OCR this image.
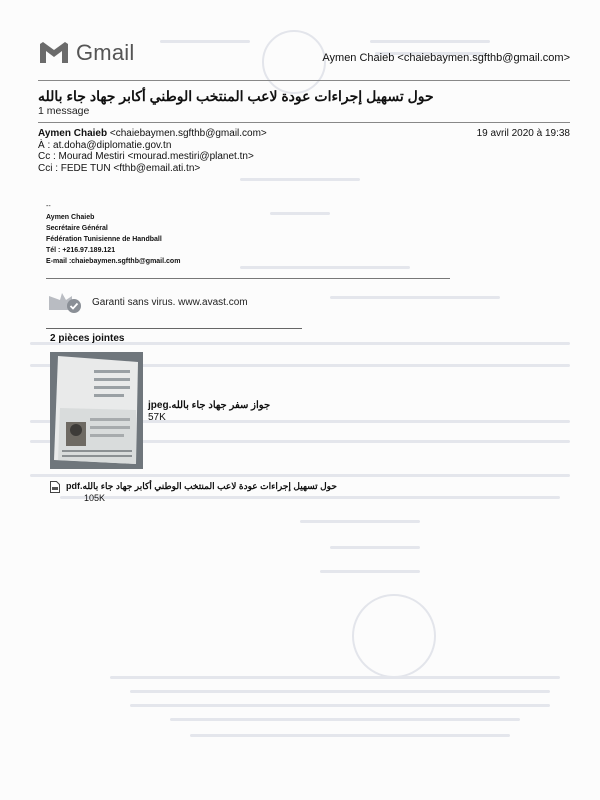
Gmail	Aymen Chaieb <chaiebaymen.sgfthb@gmail.com>
حول تسهيل إجراءات عودة لاعب المنتخب الوطني أكابر جهاد جاء بالله
1 message
Aymen Chaieb <chaiebaymen.sgfthb@gmail.com>
À : at.doha@diplomatie.gov.tn
Cc : Mourad Mestiri <mourad.mestiri@planet.tn>
Cci : FEDE TUN <fthb@email.ati.tn>
19 avril 2020 à 19:38
--
Aymen Chaieb
Secrétaire Général
Fédération Tunisienne de Handball
Tél : +216.97.189.121
E-mail :chaiebaymen.sgfthb@gmail.com
Garanti sans virus. www.avast.com
2 pièces jointes
جواز سفر جهاد جاء بالله.jpeg
57K
حول تسهيل إجراءات عودة لاعب المنتخب الوطني أكابر جهاد جاء بالله.pdf
105K
